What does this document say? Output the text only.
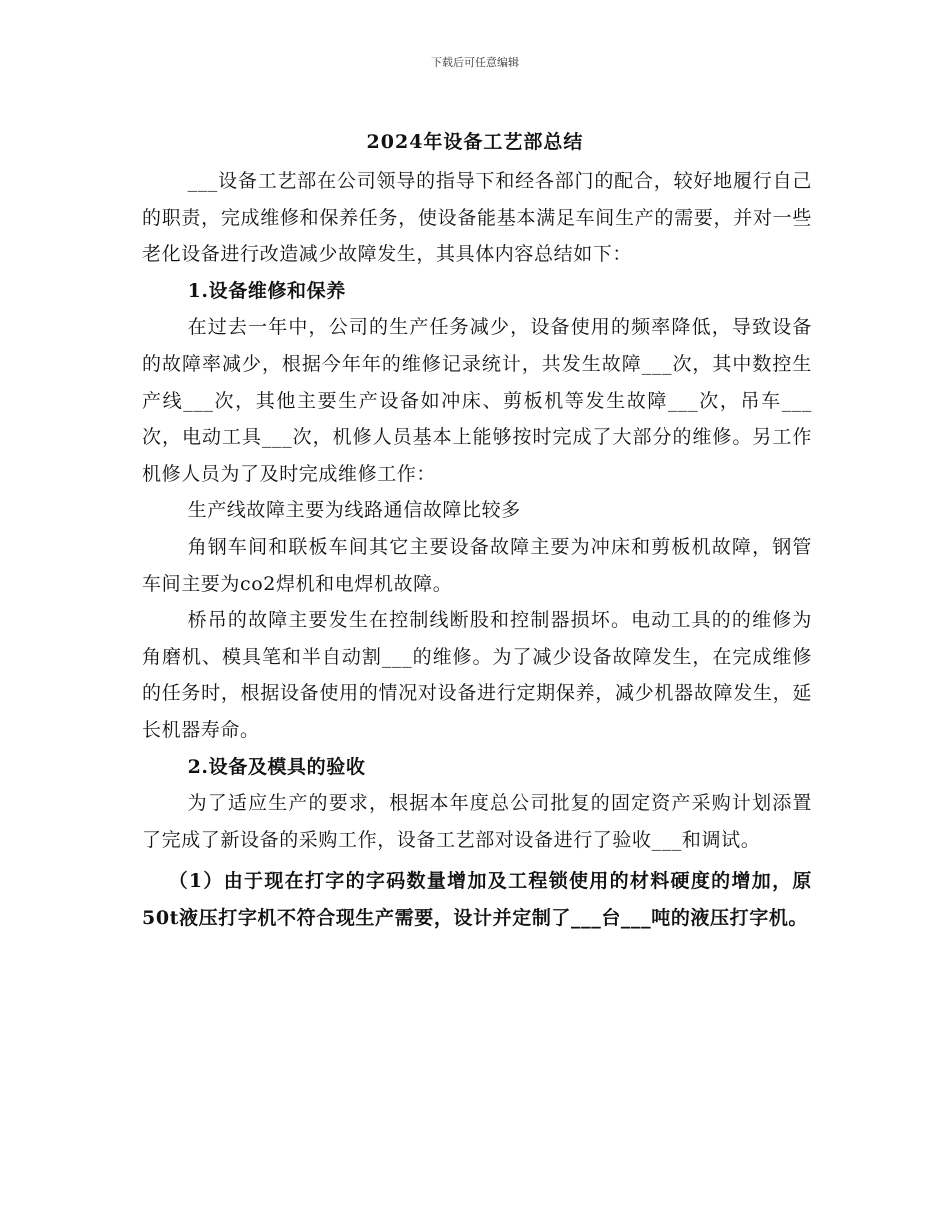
下载后可任意编辑
2024年设备工艺部总结

___设备工艺部在公司领导的指导下和经各部门的配合，较好地履行自己的职责，完成维修和保养任务，使设备能基本满足车间生产的需要，并对一些老化设备进行改造减少故障发生，其具体内容总结如下：

1.设备维修和保养

在过去一年中，公司的生产任务减少，设备使用的频率降低，导致设备的故障率减少，根据今年年的维修记录统计，共发生故障___次，其中数控生产线___次，其他主要生产设备如冲床、剪板机等发生故障___次，吊车___次，电动工具___次，机修人员基本上能够按时完成了大部分的维修。另工作机修人员为了及时完成维修工作：

生产线故障主要为线路通信故障比较多

角钢车间和联板车间其它主要设备故障主要为冲床和剪板机故障，钢管车间主要为co2焊机和电焊机故障。

桥吊的故障主要发生在控制线断股和控制器损坏。电动工具的的维修为角磨机、模具笔和半自动割___的维修。为了减少设备故障发生，在完成维修的任务时，根据设备使用的情况对设备进行定期保养，减少机器故障发生，延长机器寿命。

2.设备及模具的验收

为了适应生产的要求，根据本年度总公司批复的固定资产采购计划添置了完成了新设备的采购工作，设备工艺部对设备进行了验收___和调试。

（1）由于现在打字的字码数量增加及工程锁使用的材料硬度的增加，原50t液压打字机不符合现生产需要，设计并定制了___台___吨的液压打字机。
